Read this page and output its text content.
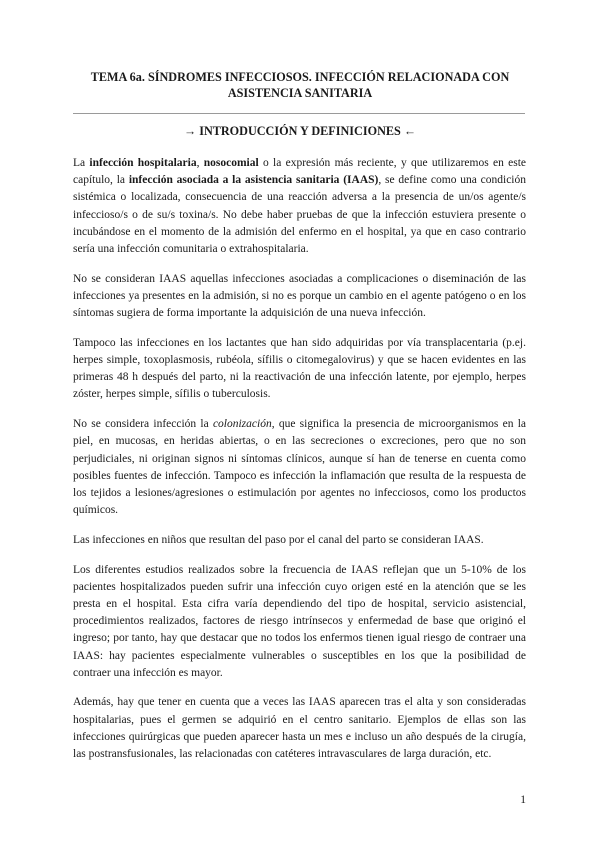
TEMA 6a. SÍNDROMES INFECCIOSOS. INFECCIÓN RELACIONADA CON
ASISTENCIA SANITARIA
→ INTRODUCCIÓN Y DEFINICIONES ←

La infección hospitalaria, nosocomial o la expresión más reciente, y que utilizaremos en este capítulo, la infección asociada a la asistencia sanitaria (IAAS), se define como una condición sistémica o localizada, consecuencia de una reacción adversa a la presencia de un/os agente/s infeccioso/s o de su/s toxina/s. No debe haber pruebas de que la infección estuviera presente o incubándose en el momento de la admisión del enfermo en el hospital, ya que en caso contrario sería una infección comunitaria o extrahospitalaria.

No se consideran IAAS aquellas infecciones asociadas a complicaciones o diseminación de las infecciones ya presentes en la admisión, si no es porque un cambio en el agente patógeno o en los síntomas sugiera de forma importante la adquisición de una nueva infección.

Tampoco las infecciones en los lactantes que han sido adquiridas por vía transplacentaria (p.ej. herpes simple, toxoplasmosis, rubéola, sífilis o citomegalovirus) y que se hacen evidentes en las primeras 48 h después del parto, ni la reactivación de una infección latente, por ejemplo, herpes zóster, herpes simple, sífilis o tuberculosis.

No se considera infección la colonización, que significa la presencia de microorganismos en la piel, en mucosas, en heridas abiertas, o en las secreciones o excreciones, pero que no son perjudiciales, ni originan signos ni síntomas clínicos, aunque sí han de tenerse en cuenta como posibles fuentes de infección. Tampoco es infección la inflamación que resulta de la respuesta de los tejidos a lesiones/agresiones o estimulación por agentes no infecciosos, como los productos químicos.

Las infecciones en niños que resultan del paso por el canal del parto se consideran IAAS.

Los diferentes estudios realizados sobre la frecuencia de IAAS reflejan que un 5-10% de los pacientes hospitalizados pueden sufrir una infección cuyo origen esté en la atención que se les presta en el hospital. Esta cifra varía dependiendo del tipo de hospital, servicio asistencial, procedimientos realizados, factores de riesgo intrínsecos y enfermedad de base que originó el ingreso; por tanto, hay que destacar que no todos los enfermos tienen igual riesgo de contraer una IAAS: hay pacientes especialmente vulnerables o susceptibles en los que la posibilidad de contraer una infección es mayor.

Además, hay que tener en cuenta que a veces las IAAS aparecen tras el alta y son consideradas hospitalarias, pues el germen se adquirió en el centro sanitario. Ejemplos de ellas son las infecciones quirúrgicas que pueden aparecer hasta un mes e incluso un año después de la cirugía, las postransfusionales, las relacionadas con catéteres intravasculares de larga duración, etc.

1
